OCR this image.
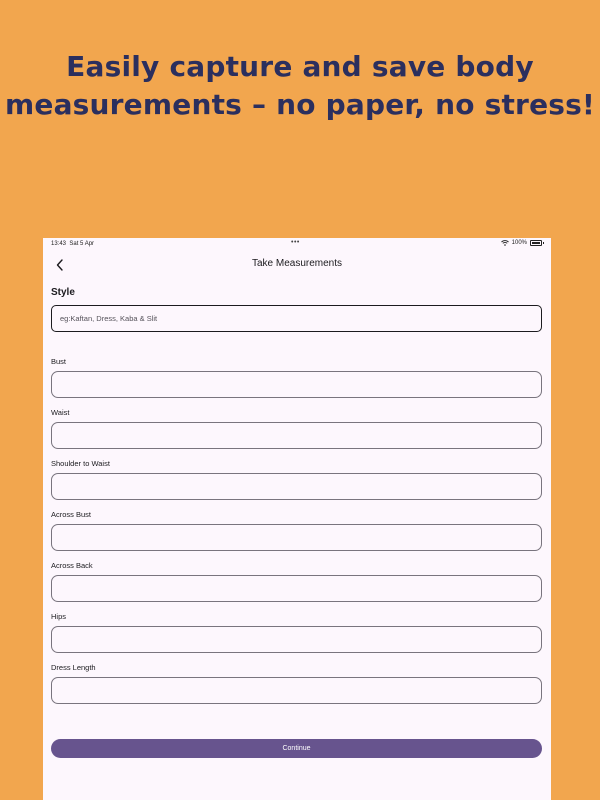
Easily capture and save body
measurements – no paper, no stress!
13:43 Sat 5 Apr	•••	100%
Take Measurements
Style
eg:Kaftan, Dress, Kaba & Slit
Bust
Waist
Shoulder to Waist
Across Bust
Across Back
Hips
Dress Length
Continue
